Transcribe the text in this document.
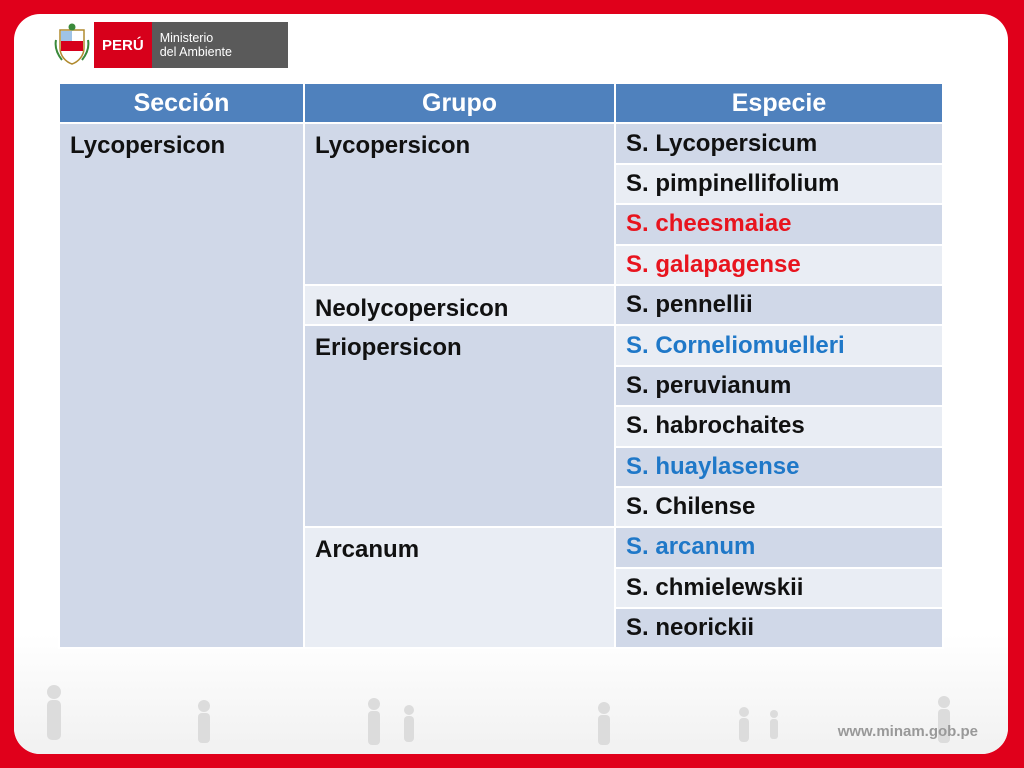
PERÚ	Ministerio
del Ambiente
www.minam.gob.pe
Sección	Grupo	Especie
Lycopersicon	Lycopersicon	S. Lycopersicum
		S. pimpinellifolium
		S. cheesmaiae
		S. galapagense
	Neolycopersicon	S. pennellii
	Eriopersicon	S. Corneliomuelleri
		S. peruvianum
		S. habrochaites
		S. huaylasense
		S. Chilense
	Arcanum	S. arcanum
		S. chmielewskii
		S. neorickii
